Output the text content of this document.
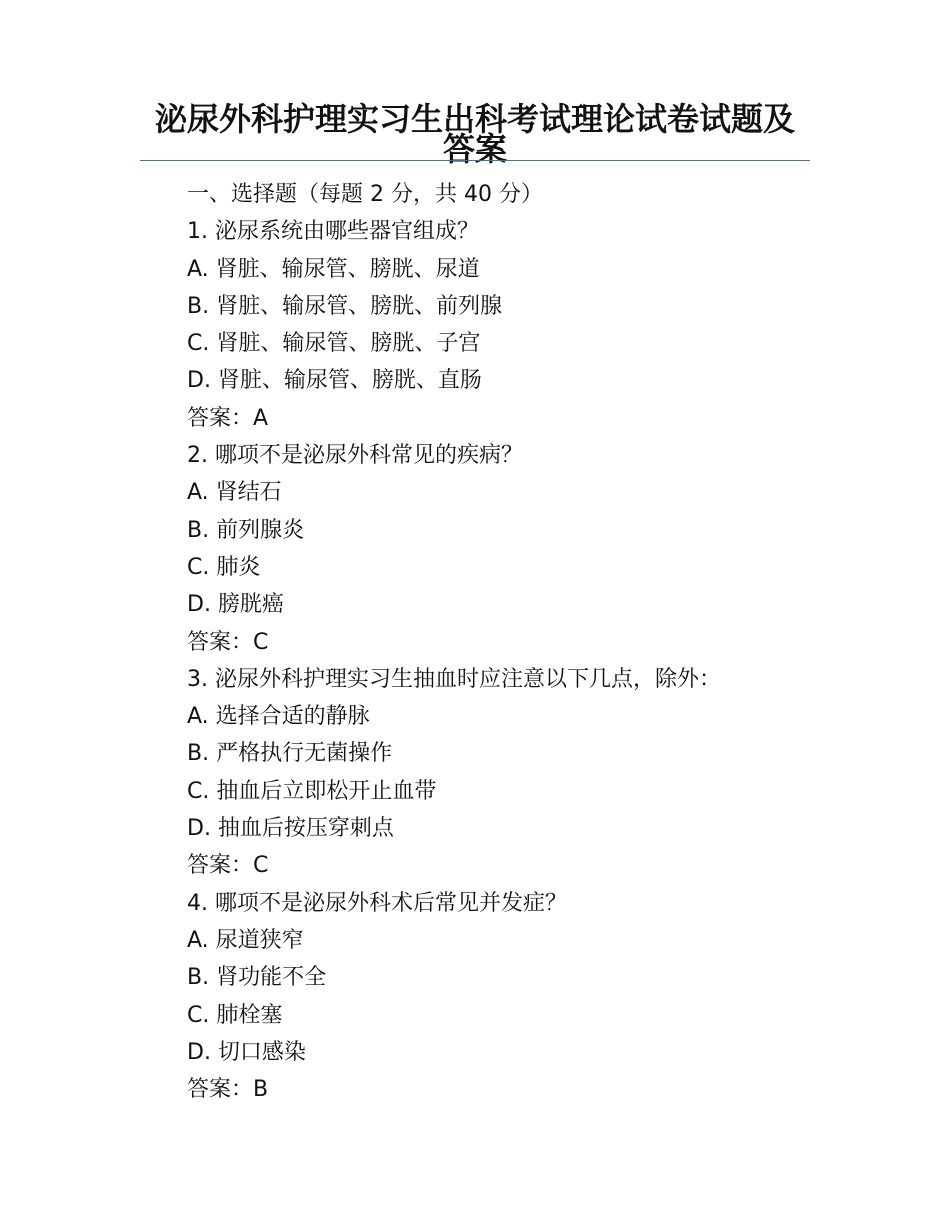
泌尿外科护理实习生出科考试理论试卷试题及答案
一、选择题（每题 2 分，共 40 分）
1. 泌尿系统由哪些器官组成？
A. 肾脏、输尿管、膀胱、尿道
B. 肾脏、输尿管、膀胱、前列腺
C. 肾脏、输尿管、膀胱、子宫
D. 肾脏、输尿管、膀胱、直肠
答案：A
2. 哪项不是泌尿外科常见的疾病？
A. 肾结石
B. 前列腺炎
C. 肺炎
D. 膀胱癌
答案：C
3. 泌尿外科护理实习生抽血时应注意以下几点，除外：
A. 选择合适的静脉
B. 严格执行无菌操作
C. 抽血后立即松开止血带
D. 抽血后按压穿刺点
答案：C
4. 哪项不是泌尿外科术后常见并发症？
A. 尿道狭窄
B. 肾功能不全
C. 肺栓塞
D. 切口感染
答案：B
